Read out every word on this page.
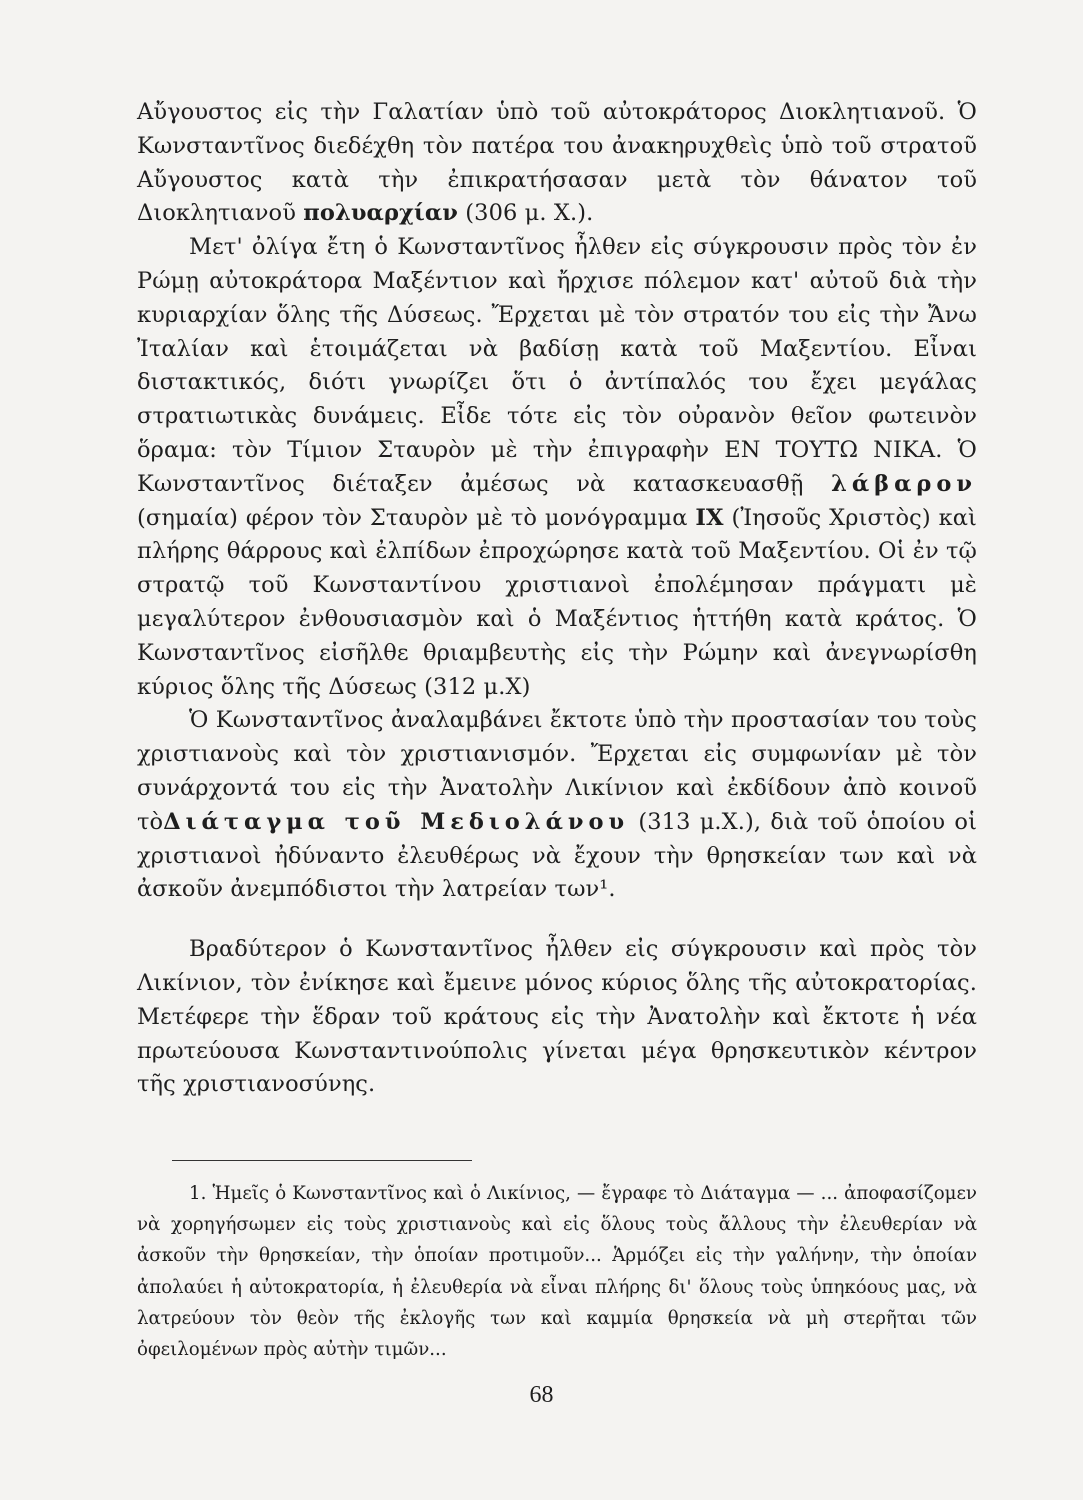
Αὔγουστος εἰς τὴν Γαλατίαν ὑπὸ τοῦ αὐτοκράτορος Διοκλητιανοῦ. Ὁ Κωνσταντῖνος διεδέχθη τὸν πατέρα του ἀνακηρυχθεὶς ὑπὸ τοῦ στρατοῦ Αὔγουστος κατὰ τὴν ἐπικρατήσασαν μετὰ τὸν θάνατον τοῦ Διοκλητιανοῦ πολυαρχίαν (306 μ. Χ.).

Μετ' ὀλίγα ἔτη ὁ Κωνσταντῖνος ἦλθεν εἰς σύγκρουσιν πρὸς τὸν ἐν Ρώμῃ αὐτοκράτορα Μαξέντιον καὶ ἤρχισε πόλεμον κατ' αὐτοῦ διὰ τὴν κυριαρχίαν ὅλης τῆς Δύσεως. Ἔρχεται μὲ τὸν στρατόν του εἰς τὴν Ἄνω Ἰταλίαν καὶ ἑτοιμάζεται νὰ βαδίσῃ κατὰ τοῦ Μαξεντίου. Εἶναι διστακτικός, διότι γνωρίζει ὅτι ὁ ἀντίπαλός του ἔχει μεγάλας στρατιωτικὰς δυνάμεις. Εἶδε τότε εἰς τὸν οὐρανὸν θεῖον φωτεινὸν ὅραμα: τὸν Τίμιον Σταυρὸν μὲ τὴν ἐπιγραφὴν ΕΝ ΤΟΥΤΩ ΝΙΚΑ. Ὁ Κωνσταντῖνος διέταξεν ἀμέσως νὰ κατασκευασθῇ λάβαρον (σημαία) φέρον τὸν Σταυρὸν μὲ τὸ μονόγραμμα IX (Ἰησοῦς Χριστὸς) καὶ πλήρης θάρρους καὶ ἐλπίδων ἐπροχώρησε κατὰ τοῦ Μαξεντίου. Οἱ ἐν τῷ στρατῷ τοῦ Κωνσταντίνου χριστιανοὶ ἐπολέμησαν πράγματι μὲ μεγαλύτερον ἐνθουσιασμὸν καὶ ὁ Μαξέντιος ἡττήθη κατὰ κράτος. Ὁ Κωνσταντῖνος εἰσῆλθε θριαμβευτὴς εἰς τὴν Ρώμην καὶ ἀνεγνωρίσθη κύριος ὅλης τῆς Δύσεως (312 μ.Χ)

Ὁ Κωνσταντῖνος ἀναλαμβάνει ἔκτοτε ὑπὸ τὴν προστασίαν του τοὺς χριστιανοὺς καὶ τὸν χριστιανισμόν. Ἔρχεται εἰς συμφωνίαν μὲ τὸν συνάρχοντά του εἰς τὴν Ἀνατολὴν Λικίνιον καὶ ἐκδίδουν ἀπὸ κοινοῦ τὸΔιάταγμα τοῦ Μεδιολάνου (313 μ.Χ.), διὰ τοῦ ὁποίου οἱ χριστιανοὶ ἠδύναντο ἐλευθέρως νὰ ἔχουν τὴν θρησκείαν των καὶ νὰ ἀσκοῦν ἀνεμπόδιστοι τὴν λατρείαν των¹.

Βραδύτερον ὁ Κωνσταντῖνος ἦλθεν εἰς σύγκρουσιν καὶ πρὸς τὸν Λικίνιον, τὸν ἐνίκησε καὶ ἔμεινε μόνος κύριος ὅλης τῆς αὐτοκρατορίας. Μετέφερε τὴν ἕδραν τοῦ κράτους εἰς τὴν Ἀνατολὴν καὶ ἔκτοτε ἡ νέα πρωτεύουσα Κωνσταντινούπολις γίνεται μέγα θρησκευτικὸν κέντρον τῆς χριστιανοσύνης.

1. Ἡμεῖς ὁ Κωνσταντῖνος καὶ ὁ Λικίνιος, — ἔγραφε τὸ Διάταγμα — ... ἀποφασίζομεν νὰ χορηγήσωμεν εἰς τοὺς χριστιανοὺς καὶ εἰς ὅλους τοὺς ἄλλους τὴν ἐλευθερίαν νὰ ἀσκοῦν τὴν θρησκείαν, τὴν ὁποίαν προτιμοῦν... Ἁρμόζει εἰς τὴν γαλήνην, τὴν ὁποίαν ἀπολαύει ἡ αὐτοκρατορία, ἡ ἐλευθερία νὰ εἶναι πλήρης δι' ὅλους τοὺς ὑπηκόους μας, νὰ λατρεύουν τὸν θεὸν τῆς ἐκλογῆς των καὶ καμμία θρησκεία νὰ μὴ στερῆται τῶν ὀφειλομένων πρὸς αὐτὴν τιμῶν...

68
